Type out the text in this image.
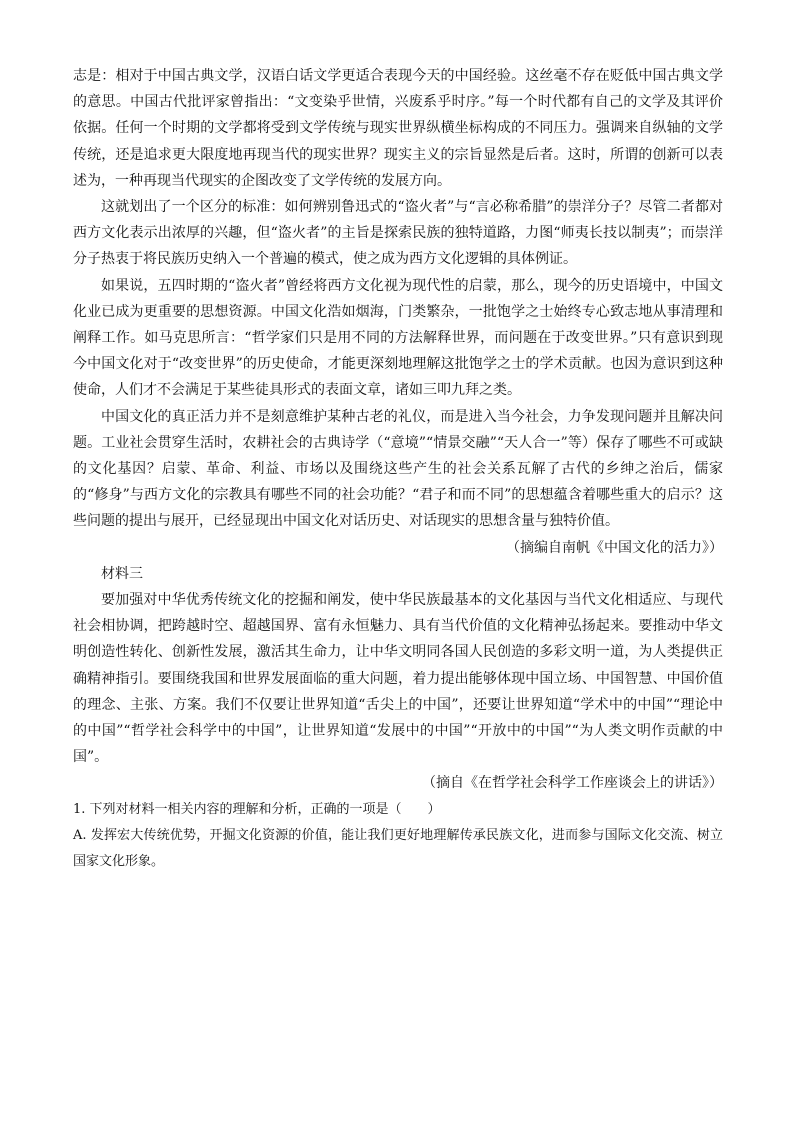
志是：相对于中国古典文学，汉语白话文学更适合表现今天的中国经验。这丝毫不存在贬低中国古典文学的意思。中国古代批评家曾指出：“文变染乎世情，兴废系乎时序。”每一个时代都有自己的文学及其评价依据。任何一个时期的文学都将受到文学传统与现实世界纵横坐标构成的不同压力。强调来自纵轴的文学传统，还是追求更大限度地再现当代的现实世界？现实主义的宗旨显然是后者。这时，所谓的创新可以表述为，一种再现当代现实的企图改变了文学传统的发展方向。

这就划出了一个区分的标准：如何辨别鲁迅式的“盗火者”与“言必称希腊”的崇洋分子？尽管二者都对西方文化表示出浓厚的兴趣，但“盗火者”的主旨是探索民族的独特道路，力图“师夷长技以制夷”；而崇洋分子热衷于将民族历史纳入一个普遍的模式，使之成为西方文化逻辑的具体例证。

如果说，五四时期的“盗火者”曾经将西方文化视为现代性的启蒙，那么，现今的历史语境中，中国文化业已成为更重要的思想资源。中国文化浩如烟海，门类繁杂，一批饱学之士始终专心致志地从事清理和阐释工作。如马克思所言：“哲学家们只是用不同的方法解释世界，而问题在于改变世界。”只有意识到现今中国文化对于“改变世界”的历史使命，才能更深刻地理解这批饱学之士的学术贡献。也因为意识到这种使命，人们才不会满足于某些徒具形式的表面文章，诸如三叩九拜之类。

中国文化的真正活力并不是刻意维护某种古老的礼仪，而是进入当今社会，力争发现问题并且解决问题。工业社会贯穿生活时，农耕社会的古典诗学（“意境”“情景交融”“天人合一”等）保存了哪些不可或缺的文化基因？启蒙、革命、利益、市场以及围绕这些产生的社会关系瓦解了古代的乡绅之治后，儒家的“修身”与西方文化的宗教具有哪些不同的社会功能？“君子和而不同”的思想蕴含着哪些重大的启示？这些问题的提出与展开，已经显现出中国文化对话历史、对话现实的思想含量与独特价值。

（摘编自南帆《中国文化的活力》）

材料三

要加强对中华优秀传统文化的挖掘和阐发，使中华民族最基本的文化基因与当代文化相适应、与现代社会相协调，把跨越时空、超越国界、富有永恒魅力、具有当代价值的文化精神弘扬起来。要推动中华文明创造性转化、创新性发展，激活其生命力，让中华文明同各国人民创造的多彩文明一道，为人类提供正确精神指引。要围绕我国和世界发展面临的重大问题，着力提出能够体现中国立场、中国智慧、中国价值的理念、主张、方案。我们不仅要让世界知道“舌尖上的中国”，还要让世界知道“学术中的中国”“理论中的中国”“哲学社会科学中的中国”，让世界知道“发展中的中国”“开放中的中国”“为人类文明作贡献的中国”。

（摘自《在哲学社会科学工作座谈会上的讲话》）

1. 下列对材料一相关内容的理解和分析，正确的一项是（　　）

A. 发挥宏大传统优势，开掘文化资源的价值，能让我们更好地理解传承民族文化，进而参与国际文化交流、树立国家文化形象。
